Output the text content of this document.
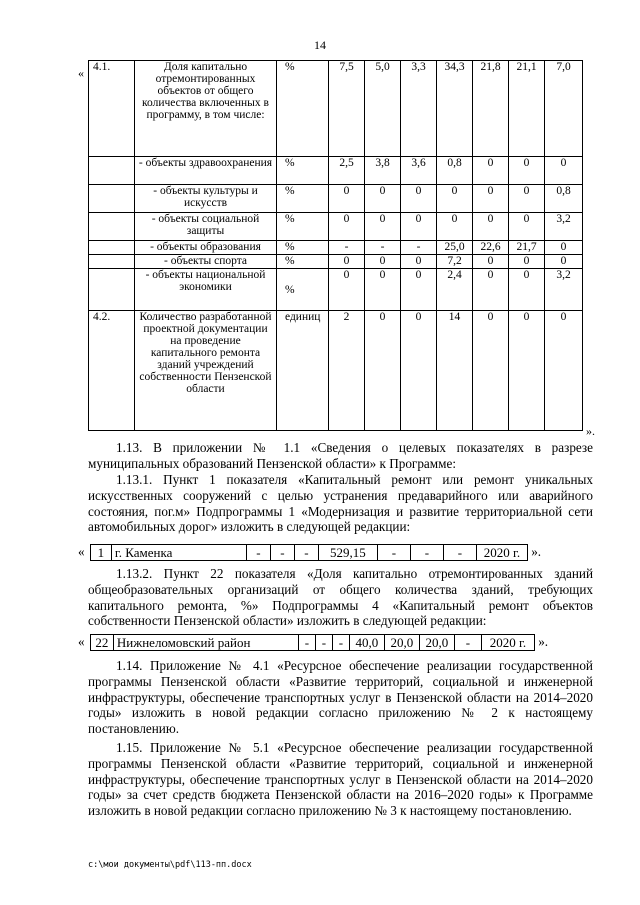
14
« 4.1.	Доля капитально отремонтированных объектов от общего количества включенных в программу, в том числе:	%	7,5	5,0	3,3	34,3	21,8	21,1	7,0
	- объекты здравоохранения	%	2,5	3,8	3,6	0,8	0	0	0
	- объекты культуры и искусств	%	0	0	0	0	0	0	0,8
	- объекты социальной защиты	%	0	0	0	0	0	0	3,2
	- объекты образования	%	-	-	-	25,0	22,6	21,7	0
	- объекты спорта	%	0	0	0	7,2	0	0	0
	- объекты национальной экономики	%	0	0	0	2,4	0	0	3,2
4.2.	Количество разработанной проектной документации на проведение капитального ремонта зданий учреждений собственности Пензенской области	единиц	2	0	0	14	0	0	0
».
1.13. В приложении № 1.1 «Сведения о целевых показателях в разрезе муниципальных образований Пензенской области» к Программе:
1.13.1. Пункт 1 показателя «Капитальный ремонт или ремонт уникальных искусственных сооружений с целью устранения предаварийного или аварийного состояния, пог.м» Подпрограммы 1 «Модернизация и развитие территориальной сети автомобильных дорог» изложить в следующей редакции:
« 1	г. Каменка	-	-	-	529,15	-	-	-	2020 г. ».
1.13.2. Пункт 22 показателя «Доля капитально отремонтированных зданий общеобразовательных организаций от общего количества зданий, требующих капитального ремонта, %» Подпрограммы 4 «Капитальный ремонт объектов собственности Пензенской области» изложить в следующей редакции:
« 22	Нижнеломовский район	-	-	-	40,0	20,0	20,0	-	2020 г. ».
1.14. Приложение № 4.1 «Ресурсное обеспечение реализации государственной программы Пензенской области «Развитие территорий, социальной и инженерной инфраструктуры, обеспечение транспортных услуг в Пензенской области на 2014–2020 годы» изложить в новой редакции согласно приложению № 2 к настоящему постановлению.
1.15. Приложение № 5.1 «Ресурсное обеспечение реализации государственной программы Пензенской области «Развитие территорий, социальной и инженерной инфраструктуры, обеспечение транспортных услуг в Пензенской области на 2014–2020 годы» за счет средств бюджета Пензенской области на 2016–2020 годы» к Программе изложить в новой редакции согласно приложению № 3 к настоящему постановлению.
c:\мои документы\pdf\113-пп.docx
